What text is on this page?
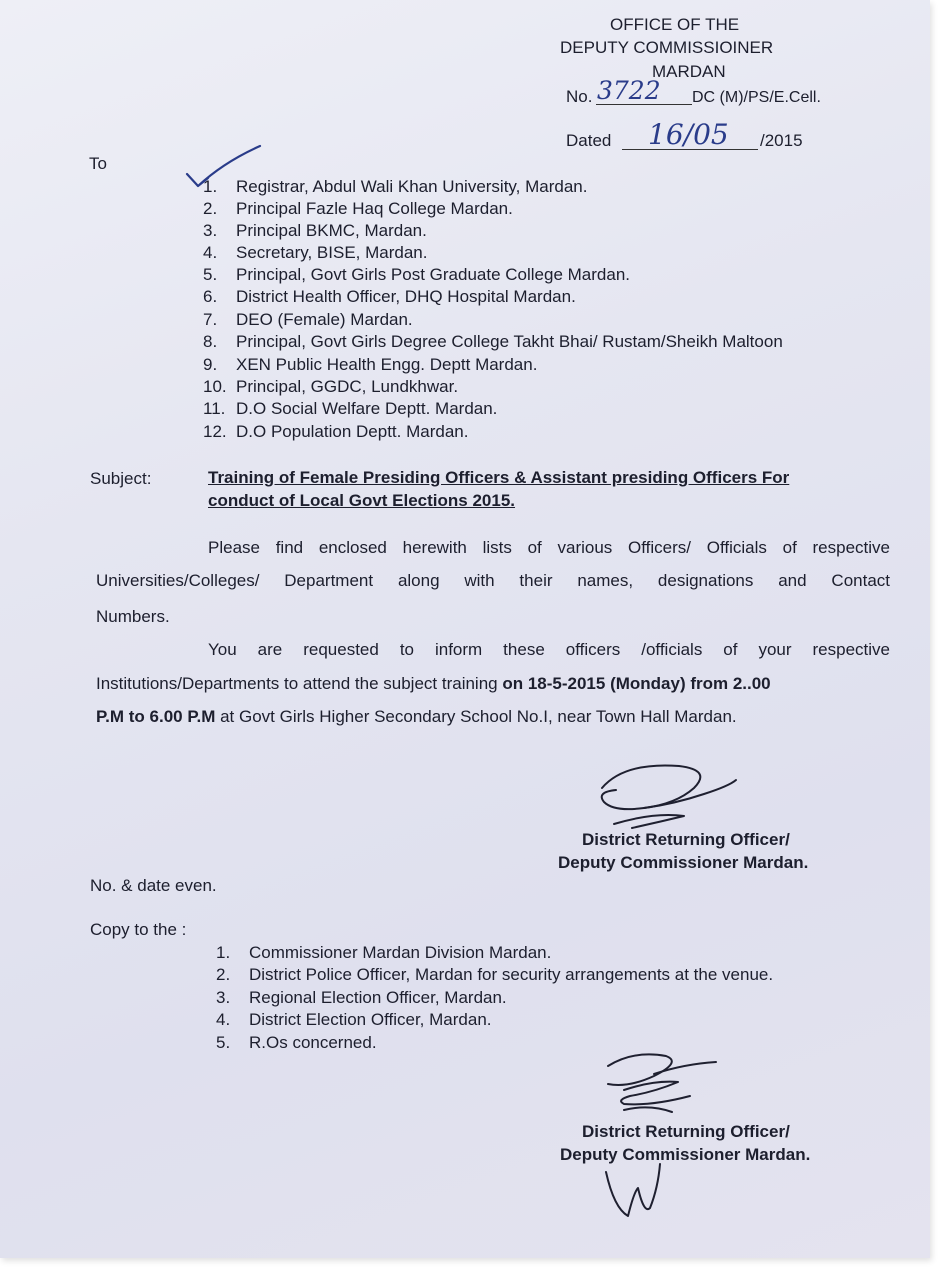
OFFICE OF THE
DEPUTY COMMISSIOINER
MARDAN
No. 3722 DC (M)/PS/E.Cell.
Dated 16/05 /2015
To
1. Registrar, Abdul Wali Khan University, Mardan.
2. Principal Fazle Haq College Mardan.
3. Principal BKMC, Mardan.
4. Secretary, BISE, Mardan.
5. Principal, Govt Girls Post Graduate College Mardan.
6. District Health Officer, DHQ Hospital Mardan.
7. DEO (Female) Mardan.
8. Principal, Govt Girls Degree College Takht Bhai/ Rustam/Sheikh Maltoon
9. XEN Public Health Engg. Deptt Mardan.
10. Principal, GGDC, Lundkhwar.
11. D.O Social Welfare Deptt. Mardan.
12. D.O Population Deptt. Mardan.
Subject:	Training of Female Presiding Officers & Assistant presiding Officers For
conduct of Local Govt Elections 2015.
Please find enclosed herewith lists of various Officers/ Officials of respective
Universities/Colleges/ Department along with their names, designations and Contact
Numbers.
You are requested to inform these officers /officials of your respective
Institutions/Departments to attend the subject training on 18-5-2015 (Monday) from 2..00
P.M to 6.00 P.M at Govt Girls Higher Secondary School No.I, near Town Hall Mardan.
District Returning Officer/
Deputy Commissioner Mardan.
No. & date even.
Copy to the :
1. Commissioner Mardan Division Mardan.
2. District Police Officer, Mardan for security arrangements at the venue.
3. Regional Election Officer, Mardan.
4. District Election Officer, Mardan.
5. R.Os concerned.
District Returning Officer/
Deputy Commissioner Mardan.
